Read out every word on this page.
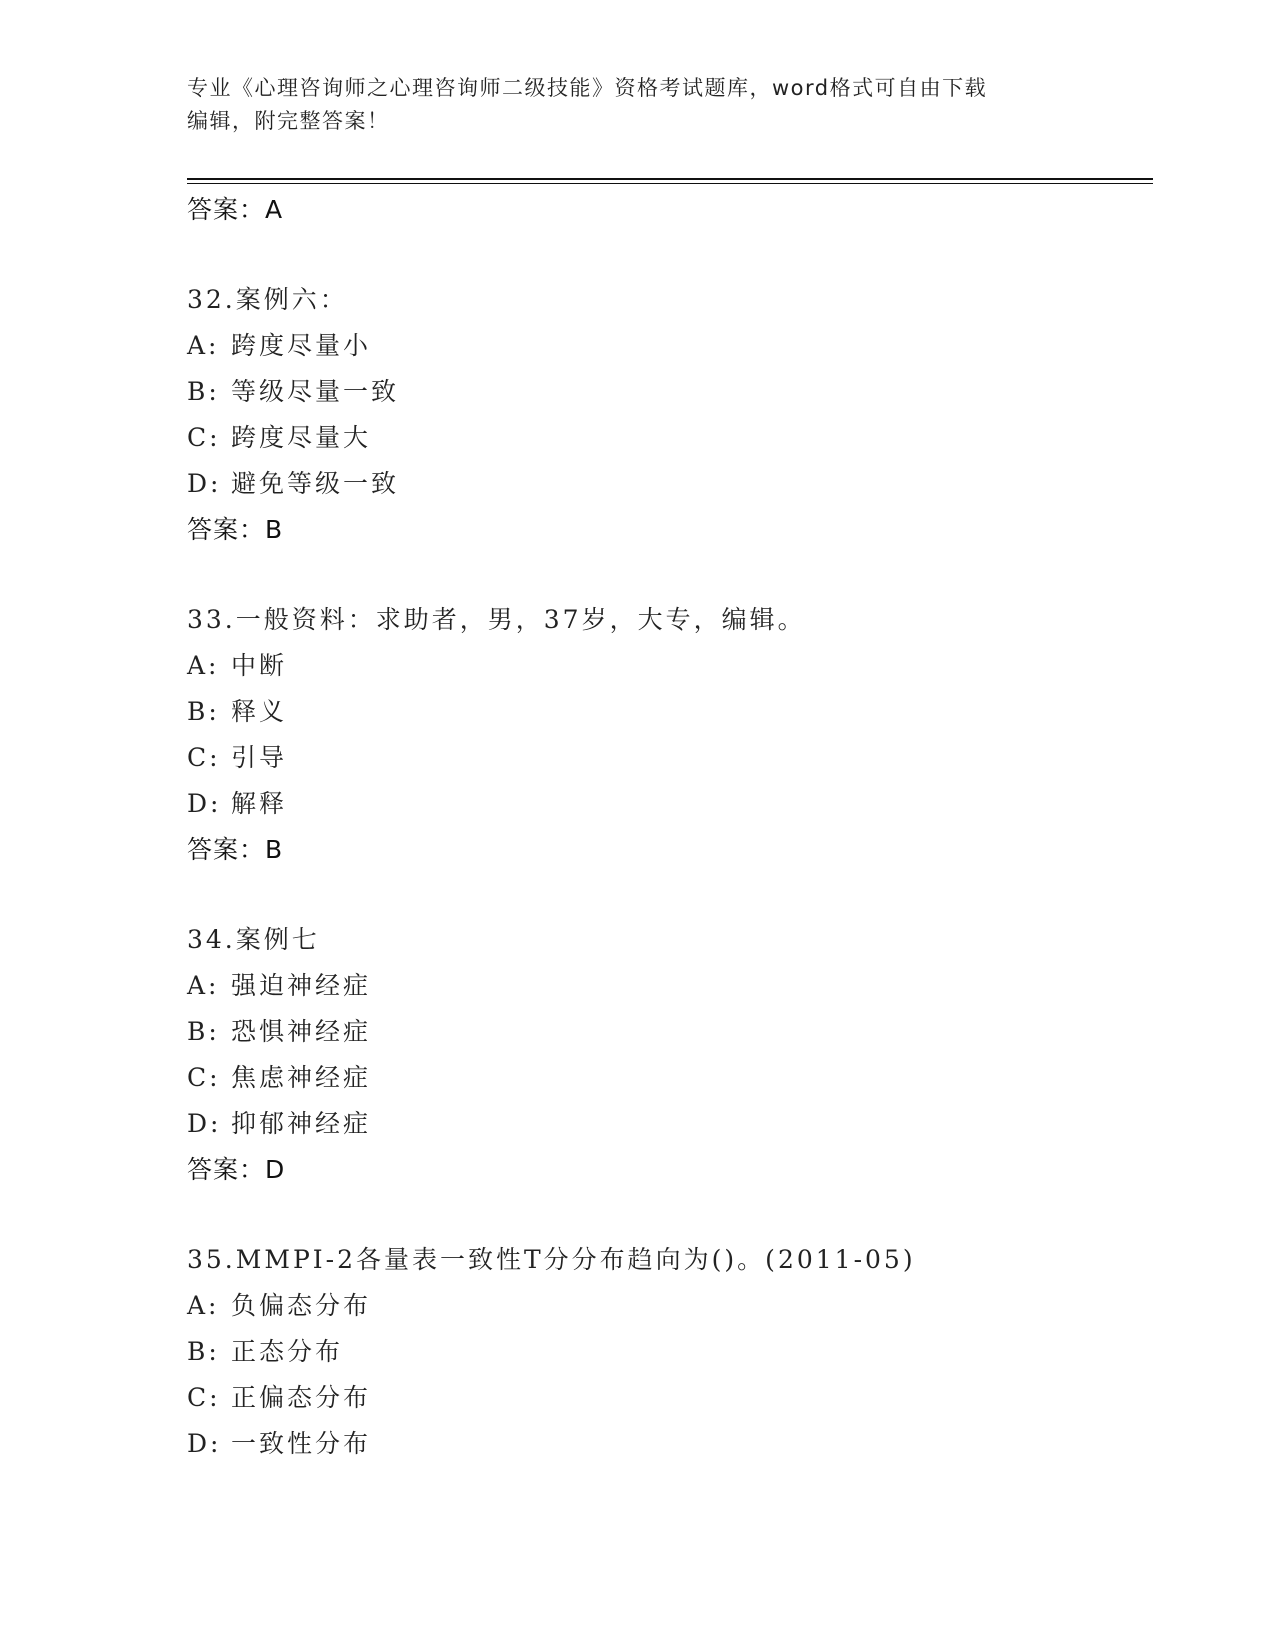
专业《心理咨询师之心理咨询师二级技能》资格考试题库，word格式可自由下载
编辑，附完整答案！
答案：A
32.案例六：
A: 跨度尽量小
B: 等级尽量一致
C: 跨度尽量大
D: 避免等级一致
答案：B
33.一般资料：求助者，男，37岁，大专，编辑。
A: 中断
B: 释义
C: 引导
D: 解释
答案：B
34.案例七
A: 强迫神经症
B: 恐惧神经症
C: 焦虑神经症
D: 抑郁神经症
答案：D
35.MMPI-2各量表一致性T分分布趋向为()。(2011-05)
A: 负偏态分布
B: 正态分布
C: 正偏态分布
D: 一致性分布
